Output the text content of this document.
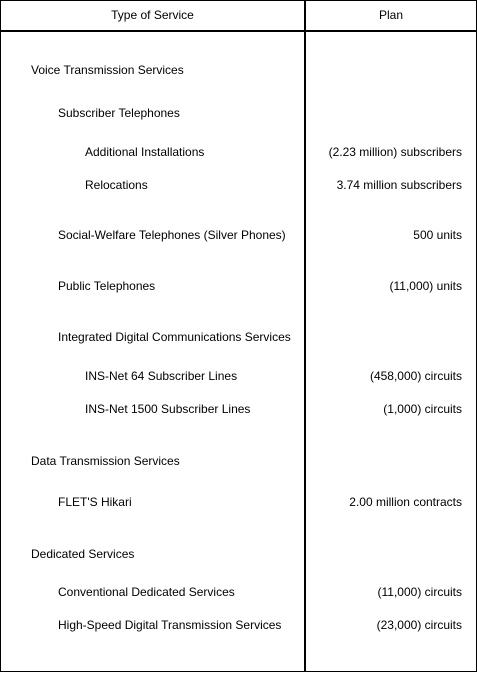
Type of Service	Plan
Voice Transmission Services
Subscriber Telephones
Additional Installations	(2.23 million) subscribers
Relocations	3.74 million subscribers
Social-Welfare Telephones (Silver Phones)	500 units
Public Telephones	(11,000) units
Integrated Digital Communications Services
INS-Net 64 Subscriber Lines	(458,000) circuits
INS-Net 1500 Subscriber Lines	(1,000) circuits
Data Transmission Services
FLET'S Hikari	2.00 million contracts
Dedicated Services
Conventional Dedicated Services	(11,000) circuits
High-Speed Digital Transmission Services	(23,000) circuits
